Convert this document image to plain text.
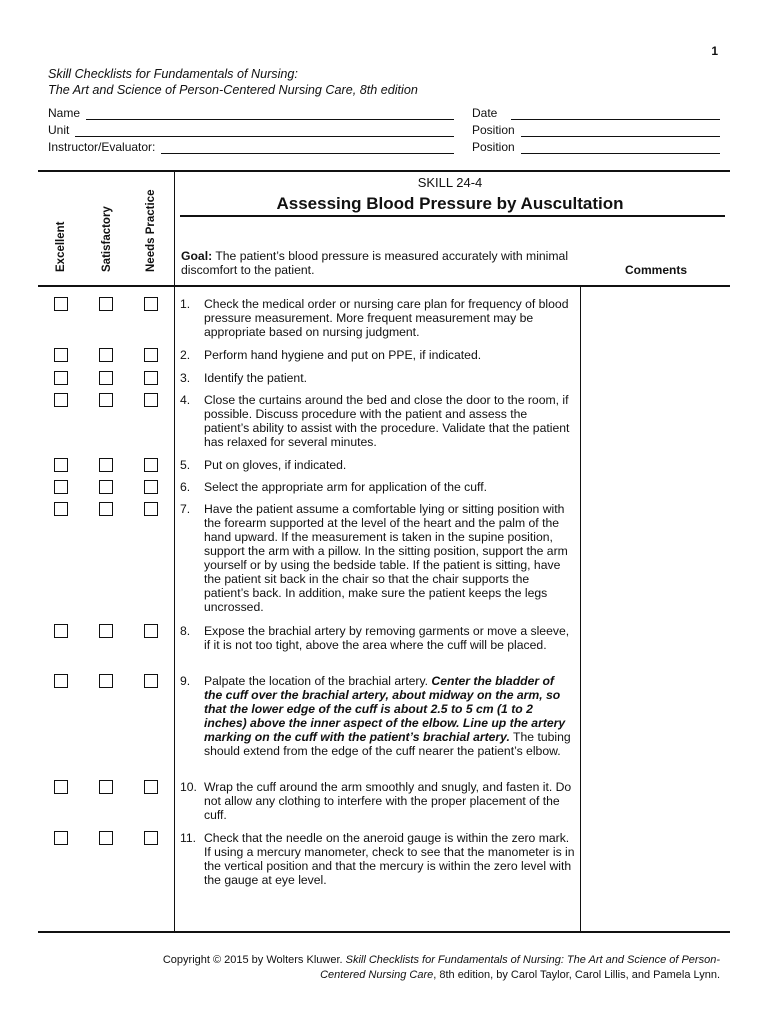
1
Skill Checklists for Fundamentals of Nursing:
The Art and Science of Person-Centered Nursing Care, 8th edition
Name
Unit
Instructor/Evaluator:
Date
Position
Position
Excellent	Satisfactory	Needs Practice
SKILL 24-4
Assessing Blood Pressure by Auscultation
Goal: The patient’s blood pressure is measured accurately with minimal discomfort to the patient.	Comments
1.	Check the medical order or nursing care plan for frequency of blood pressure measurement. More frequent measurement may be appropriate based on nursing judgment.
2.	Perform hand hygiene and put on PPE, if indicated.
3.	Identify the patient.
4.	Close the curtains around the bed and close the door to the room, if possible. Discuss procedure with the patient and assess the patient’s ability to assist with the procedure. Validate that the patient has relaxed for several minutes.
5.	Put on gloves, if indicated.
6.	Select the appropriate arm for application of the cuff.
7.	Have the patient assume a comfortable lying or sitting position with the forearm supported at the level of the heart and the palm of the hand upward. If the measurement is taken in the supine position, support the arm with a pillow. In the sitting position, support the arm yourself or by using the bedside table. If the patient is sitting, have the patient sit back in the chair so that the chair supports the patient’s back. In addition, make sure the patient keeps the legs uncrossed.
8.	Expose the brachial artery by removing garments or move a sleeve, if it is not too tight, above the area where the cuff will be placed.
9.	Palpate the location of the brachial artery. Center the bladder of the cuff over the brachial artery, about midway on the arm, so that the lower edge of the cuff is about 2.5 to 5 cm (1 to 2 inches) above the inner aspect of the elbow. Line up the artery marking on the cuff with the patient’s brachial artery. The tubing should extend from the edge of the cuff nearer the patient’s elbow.
10. Wrap the cuff around the arm smoothly and snugly, and fasten it. Do not allow any clothing to interfere with the proper placement of the cuff.
11. Check that the needle on the aneroid gauge is within the zero mark. If using a mercury manometer, check to see that the manometer is in the vertical position and that the mercury is within the zero level with the gauge at eye level.
Copyright © 2015 by Wolters Kluwer. Skill Checklists for Fundamentals of Nursing: The Art and Science of Person-Centered Nursing Care, 8th edition, by Carol Taylor, Carol Lillis, and Pamela Lynn.
